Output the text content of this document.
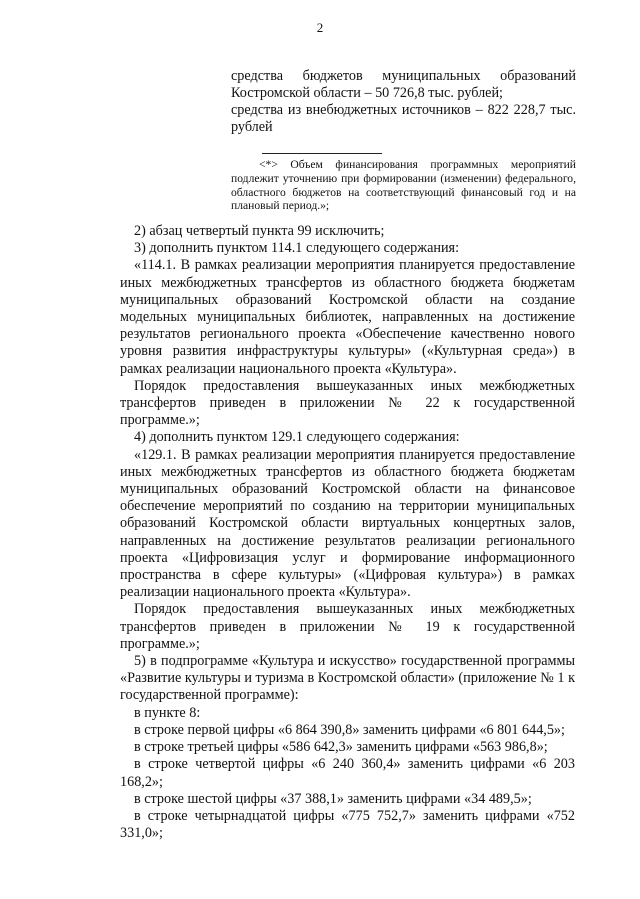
2

средства бюджетов муниципальных образований Костромской области – 50 726,8 тыс. рублей;

средства из внебюджетных источников – 822 228,7 тыс. рублей

<*> Объем финансирования программных мероприятий подлежит уточнению при формировании (изменении) федерального, областного бюджетов на соответствующий финансовый год и на плановый период.»;

2) абзац четвертый пункта 99 исключить;

3) дополнить пунктом 114.1 следующего содержания:

«114.1. В рамках реализации мероприятия планируется предоставление иных межбюджетных трансфертов из областного бюджета бюджетам муниципальных образований Костромской области на создание модельных муниципальных библиотек, направленных на достижение результатов регионального проекта «Обеспечение качественно нового уровня развития инфраструктуры культуры» («Культурная среда») в рамках реализации национального проекта «Культура».

Порядок предоставления вышеуказанных иных межбюджетных трансфертов приведен в приложении № 22 к государственной программе.»;

4) дополнить пунктом 129.1 следующего содержания:

«129.1. В рамках реализации мероприятия планируется предоставление иных межбюджетных трансфертов из областного бюджета бюджетам муниципальных образований Костромской области на финансовое обеспечение мероприятий по созданию на территории муниципальных образований Костромской области виртуальных концертных залов, направленных на достижение результатов реализации регионального проекта «Цифровизация услуг и формирование информационного пространства в сфере культуры» («Цифровая культура») в рамках реализации национального проекта «Культура».

Порядок предоставления вышеуказанных иных межбюджетных трансфертов приведен в приложении № 19 к государственной программе.»;

5) в подпрограмме «Культура и искусство» государственной программы «Развитие культуры и туризма в Костромской области» (приложение № 1 к государственной программе):

в пункте 8:

в строке первой цифры «6 864 390,8» заменить цифрами «6 801 644,5»;

в строке третьей цифры «586 642,3» заменить цифрами «563 986,8»;

в строке четвертой цифры «6 240 360,4» заменить цифрами «6 203 168,2»;

в строке шестой цифры «37 388,1» заменить цифрами «34 489,5»;

в строке четырнадцатой цифры «775 752,7» заменить цифрами «752 331,0»;
